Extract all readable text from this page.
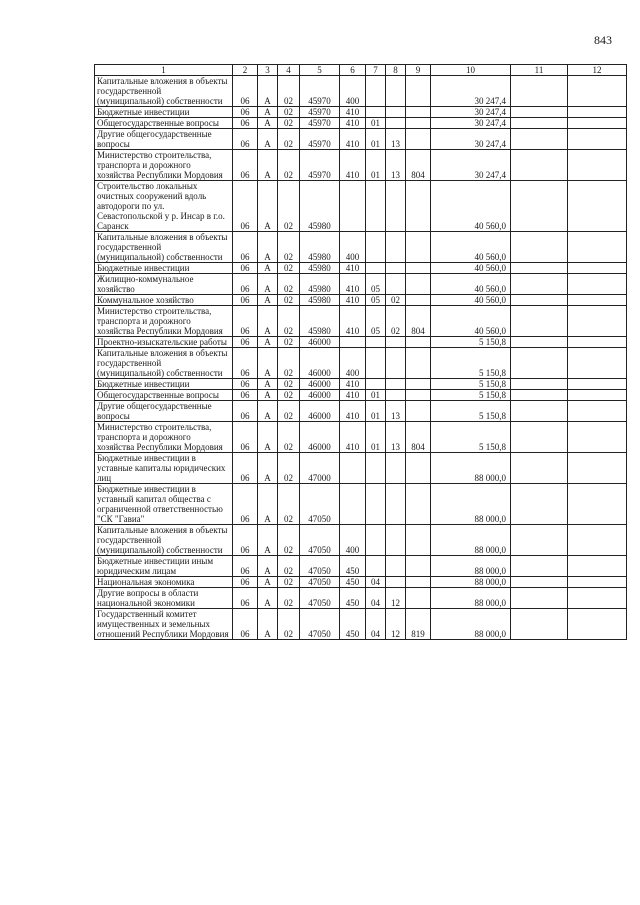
843
1	2	3	4	5	6	7	8	9	10	11	12
Капитальные вложения в объекты государственной (муниципальной) собственности	06	А	02	45970	400				30 247,4		
Бюджетные инвестиции	06	А	02	45970	410				30 247,4		
Общегосударственные вопросы	06	А	02	45970	410	01			30 247,4		
Другие общегосударственные вопросы	06	А	02	45970	410	01	13		30 247,4		
Министерство строительства, транспорта и дорожного хозяйства Республики Мордовия	06	А	02	45970	410	01	13	804	30 247,4		
Строительство локальных очистных сооружений вдоль автодороги по ул. Севастопольской у р. Инсар в г.о. Саранск	06	А	02	45980					40 560,0		
Капитальные вложения в объекты государственной (муниципальной) собственности	06	А	02	45980	400				40 560,0		
Бюджетные инвестиции	06	А	02	45980	410				40 560,0		
Жилищно-коммунальное хозяйство	06	А	02	45980	410	05			40 560,0		
Коммунальное хозяйство	06	А	02	45980	410	05	02		40 560,0		
Министерство строительства, транспорта и дорожного хозяйства Республики Мордовия	06	А	02	45980	410	05	02	804	40 560,0		
Проектно-изыскательские работы	06	А	02	46000					5 150,8		
Капитальные вложения в объекты государственной (муниципальной) собственности	06	А	02	46000	400				5 150,8		
Бюджетные инвестиции	06	А	02	46000	410				5 150,8		
Общегосударственные вопросы	06	А	02	46000	410	01			5 150,8		
Другие общегосударственные вопросы	06	А	02	46000	410	01	13		5 150,8		
Министерство строительства, транспорта и дорожного хозяйства Республики Мордовия	06	А	02	46000	410	01	13	804	5 150,8		
Бюджетные инвестиции в уставные капиталы юридических лиц	06	А	02	47000					88 000,0		
Бюджетные инвестиции в уставный капитал общества с ограниченной ответственностью "СК "Гавиа"	06	А	02	47050					88 000,0		
Капитальные вложения в объекты государственной (муниципальной) собственности	06	А	02	47050	400				88 000,0		
Бюджетные инвестиции иным юридическим лицам	06	А	02	47050	450				88 000,0		
Национальная экономика	06	А	02	47050	450	04			88 000,0		
Другие вопросы в области национальной экономики	06	А	02	47050	450	04	12		88 000,0		
Государственный комитет имущественных и земельных отношений Республики Мордовия	06	А	02	47050	450	04	12	819	88 000,0		
